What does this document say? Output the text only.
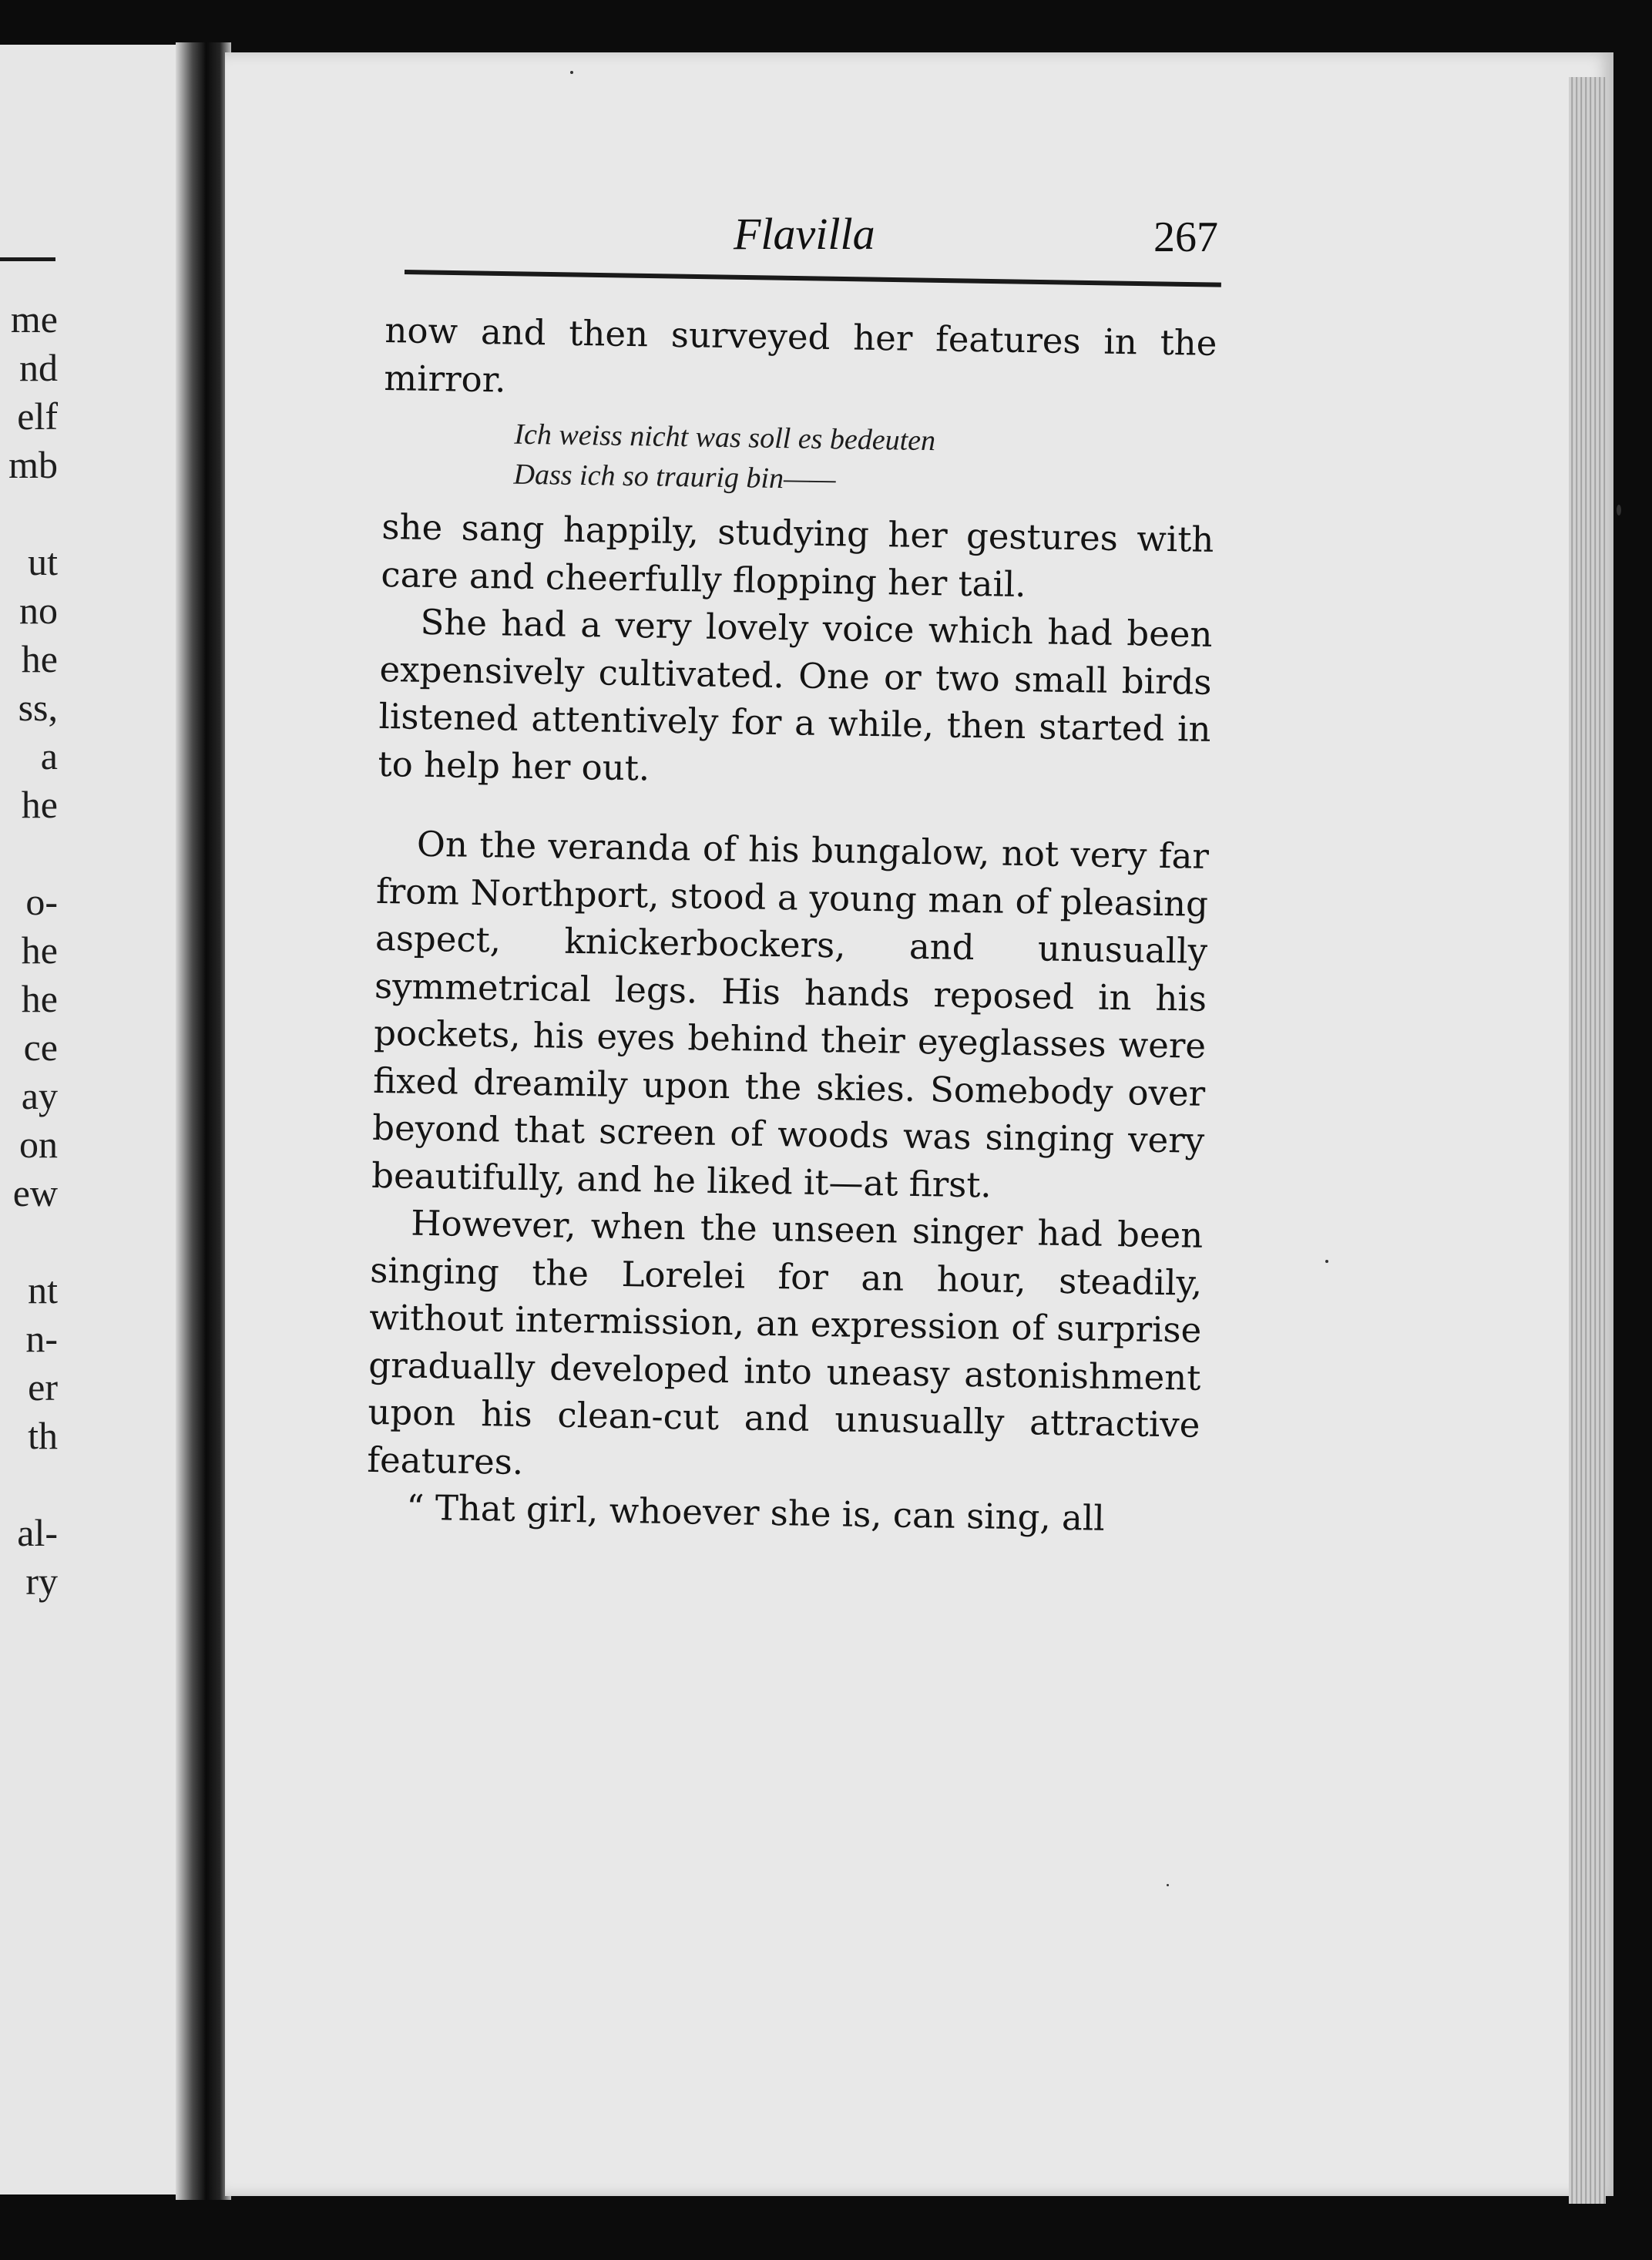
me
nd
elf
mb
ut
no
he
ss,
a
he
o-
he
he
ce
ay
on
ew
nt
n-
er
th
al-
ry
Flavilla	267

now and then surveyed her features in the mirror.

Ich weiss nicht was soll es bedeuten
Dass ich so traurig bin——

she sang happily, studying her gestures with care and cheerfully flopping her tail.

She had a very lovely voice which had been expensively cultivated. One or two small birds listened attentively for a while, then started in to help her out.

On the veranda of his bungalow, not very far from Northport, stood a young man of pleasing aspect, knickerbockers, and unusually symmetrical legs. His hands reposed in his pockets, his eyes behind their eyeglasses were fixed dreamily upon the skies. Somebody over beyond that screen of woods was singing very beautifully, and he liked it—at first.

However, when the unseen singer had been singing the Lorelei for an hour, steadily, without intermission, an expression of surprise gradually developed into uneasy astonishment upon his clean-cut and unusually attractive features.

“ That girl, whoever she is, can sing, all
